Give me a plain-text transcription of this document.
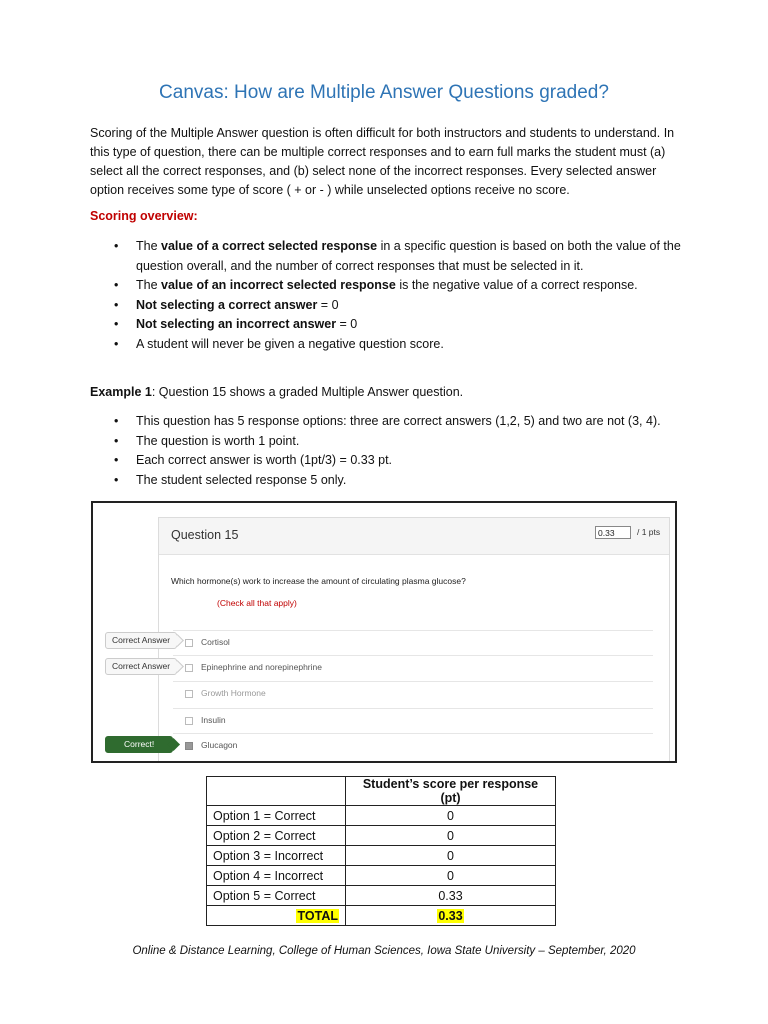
Canvas: How are Multiple Answer Questions graded?
Scoring of the Multiple Answer question is often difficult for both instructors and students to understand. In this type of question, there can be multiple correct responses and to earn full marks the student must (a) select all the correct responses, and (b) select none of the incorrect responses. Every selected answer option receives some type of score ( + or - ) while unselected options receive no score.
Scoring overview:
• The value of a correct selected response in a specific question is based on both the value of the question overall, and the number of correct responses that must be selected in it.
• The value of an incorrect selected response is the negative value of a correct response.
• Not selecting a correct answer = 0
• Not selecting an incorrect answer = 0
• A student will never be given a negative question score.
Example 1: Question 15 shows a graded Multiple Answer question.
• This question has 5 response options: three are correct answers (1,2, 5) and two are not (3, 4).
• The question is worth 1 point.
• Each correct answer is worth (1pt/3) = 0.33 pt.
• The student selected response 5 only.
Question 15	0.33	/ 1 pts
Which hormone(s) work to increase the amount of circulating plasma glucose?
(Check all that apply)
Cortisol
Epinephrine and norepinephrine
Growth Hormone
Insulin
Glucagon
Correct Answer
Correct Answer
Correct!
	Student’s score per response (pt)
Option 1 = Correct	0
Option 2 = Correct	0
Option 3 = Incorrect	0
Option 4 = Incorrect	0
Option 5 = Correct	0.33
TOTAL	0.33
Online & Distance Learning, College of Human Sciences, Iowa State University – September, 2020
